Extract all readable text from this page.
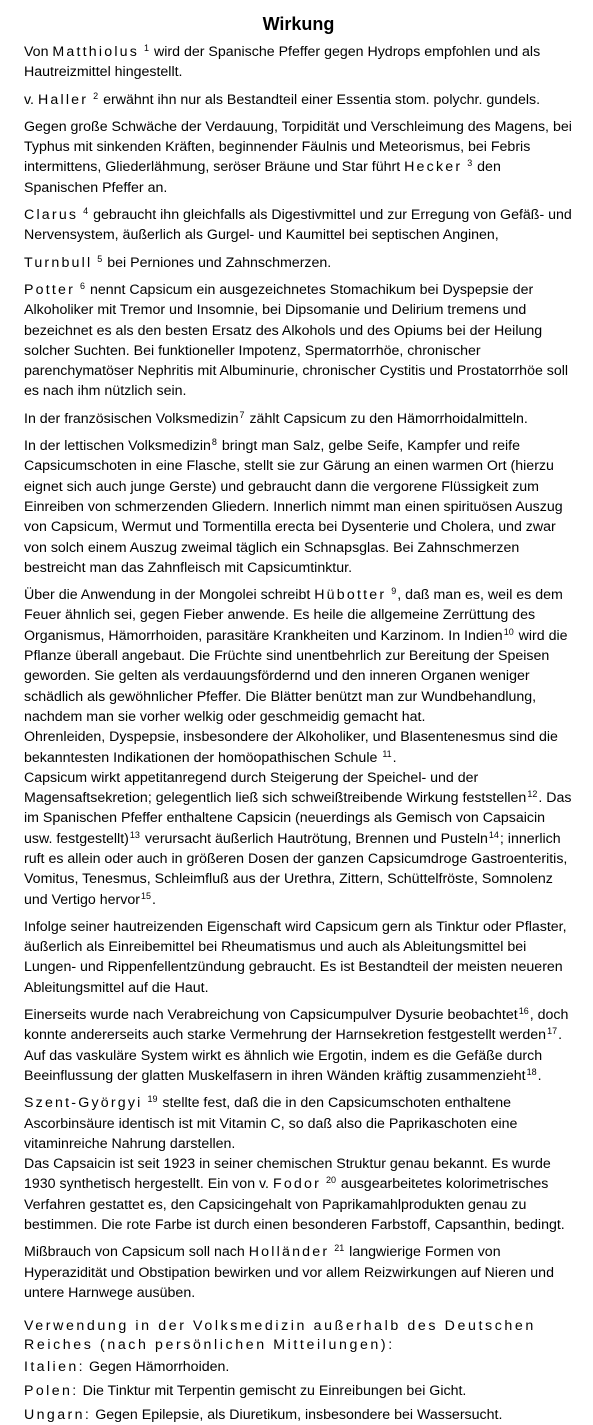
Wirkung

Von Matthiolus $^1$ wird der Spanische Pfeffer gegen Hydrops empfohlen und als Hautreizmittel hingestellt.

v. Haller $^2$ erwähnt ihn nur als Bestandteil einer Essentia stom. polychr. gundels.

Gegen große Schwäche der Verdauung, Torpidität und Verschleimung des Magens, bei Typhus mit sinkenden Kräften, beginnender Fäulnis und Meteorismus, bei Febris intermittens, Gliederlähmung, seröser Bräune und Star führt Hecker $^3$ den Spanischen Pfeffer an.

Clarus $^4$ gebraucht ihn gleichfalls als Digestivmittel und zur Erregung von Gefäß- und Nervensystem, äußerlich als Gurgel- und Kaumittel bei septischen Anginen,

Turnbull $^5$ bei Perniones und Zahnschmerzen.

Potter $^6$ nennt Capsicum ein ausgezeichnetes Stomachikum bei Dyspepsie der Alkoholiker mit Tremor und Insomnie, bei Dipsomanie und Delirium tremens und bezeichnet es als den besten Ersatz des Alkohols und des Opiums bei der Heilung solcher Suchten. Bei funktioneller Impotenz, Spermatorrhöe, chronischer parenchymatöser Nephritis mit Albuminurie, chronischer Cystitis und Prostatorrhöe soll es nach ihm nützlich sein.

In der französischen Volksmedizin$^7$ zählt Capsicum zu den Hämorrhoidalmitteln.

In der lettischen Volksmedizin$^8$ bringt man Salz, gelbe Seife, Kampfer und reife Capsicumschoten in eine Flasche, stellt sie zur Gärung an einen warmen Ort (hierzu eignet sich auch junge Gerste) und gebraucht dann die vergorene Flüssigkeit zum Einreiben von schmerzenden Gliedern. Innerlich nimmt man einen spirituösen Auszug von Capsicum, Wermut und Tormentilla erecta bei Dysenterie und Cholera, und zwar von solch einem Auszug zweimal täglich ein Schnapsglas. Bei Zahnschmerzen bestreicht man das Zahnfleisch mit Capsicumtinktur.

Über die Anwendung in der Mongolei schreibt Hübotter $^9$, daß man es, weil es dem Feuer ähnlich sei, gegen Fieber anwende. Es heile die allgemeine Zerrüttung des Organismus, Hämorrhoiden, parasitäre Krankheiten und Karzinom. In Indien$^{10}$ wird die Pflanze überall angebaut. Die Früchte sind unentbehrlich zur Bereitung der Speisen geworden. Sie gelten als verdauungsfördernd und den inneren Organen weniger schädlich als gewöhnlicher Pfeffer. Die Blätter benützt man zur Wundbehandlung, nachdem man sie vorher welkig oder geschmeidig gemacht hat.

Ohrenleiden, Dyspepsie, insbesondere der Alkoholiker, und Blasentenesmus sind die bekanntesten Indikationen der homöopathischen Schule $^{11}$.

Capsicum wirkt appetitanregend durch Steigerung der Speichel- und der Magensaftsekretion; gelegentlich ließ sich schweißtreibende Wirkung feststellen$^{12}$. Das im Spanischen Pfeffer enthaltene Capsicin (neuerdings als Gemisch von Capsaicin usw. festgestellt)$^{13}$ verursacht äußerlich Hautrötung, Brennen und Pusteln$^{14}$; innerlich ruft es allein oder auch in größeren Dosen der ganzen Capsicumdroge Gastroenteritis, Vomitus, Tenesmus, Schleimfluß aus der Urethra, Zittern, Schüttelfröste, Somnolenz und Vertigo hervor$^{15}$.

Infolge seiner hautreizenden Eigenschaft wird Capsicum gern als Tinktur oder Pflaster, äußerlich als Einreibemittel bei Rheumatismus und auch als Ableitungsmittel bei Lungen- und Rippenfellentzündung gebraucht. Es ist Bestandteil der meisten neueren Ableitungsmittel auf die Haut.

Einerseits wurde nach Verabreichung von Capsicumpulver Dysurie beobachtet$^{16}$, doch konnte andererseits auch starke Vermehrung der Harnsekretion festgestellt werden$^{17}$. Auf das vaskuläre System wirkt es ähnlich wie Ergotin, indem es die Gefäße durch Beeinflussung der glatten Muskelfasern in ihren Wänden kräftig zusammenzieht$^{18}$.

Szent-Györgyi $^{19}$ stellte fest, daß die in den Capsicumschoten enthaltene Ascorbinsäure identisch ist mit Vitamin C, so daß also die Paprikaschoten eine vitaminreiche Nahrung darstellen.

Das Capsaicin ist seit 1923 in seiner chemischen Struktur genau bekannt. Es wurde 1930 synthetisch hergestellt. Ein von v. Fodor $^{20}$ ausgearbeitetes kolorimetrisches Verfahren gestattet es, den Capsicingehalt von Paprikamahlprodukten genau zu bestimmen. Die rote Farbe ist durch einen besonderen Farbstoff, Capsanthin, bedingt.

Mißbrauch von Capsicum soll nach Holländer $^{21}$ langwierige Formen von Hyperazidität und Obstipation bewirken und vor allem Reizwirkungen auf Nieren und untere Harnwege ausüben.

Verwendung in der Volksmedizin außerhalb des Deutschen Reiches (nach persönlichen Mitteilungen):
Italien: Gegen Hämorrhoiden.
Polen: Die Tinktur mit Terpentin gemischt zu Einreibungen bei Gicht.
Ungarn: Gegen Epilepsie, als Diuretikum, insbesondere bei Wassersucht.
